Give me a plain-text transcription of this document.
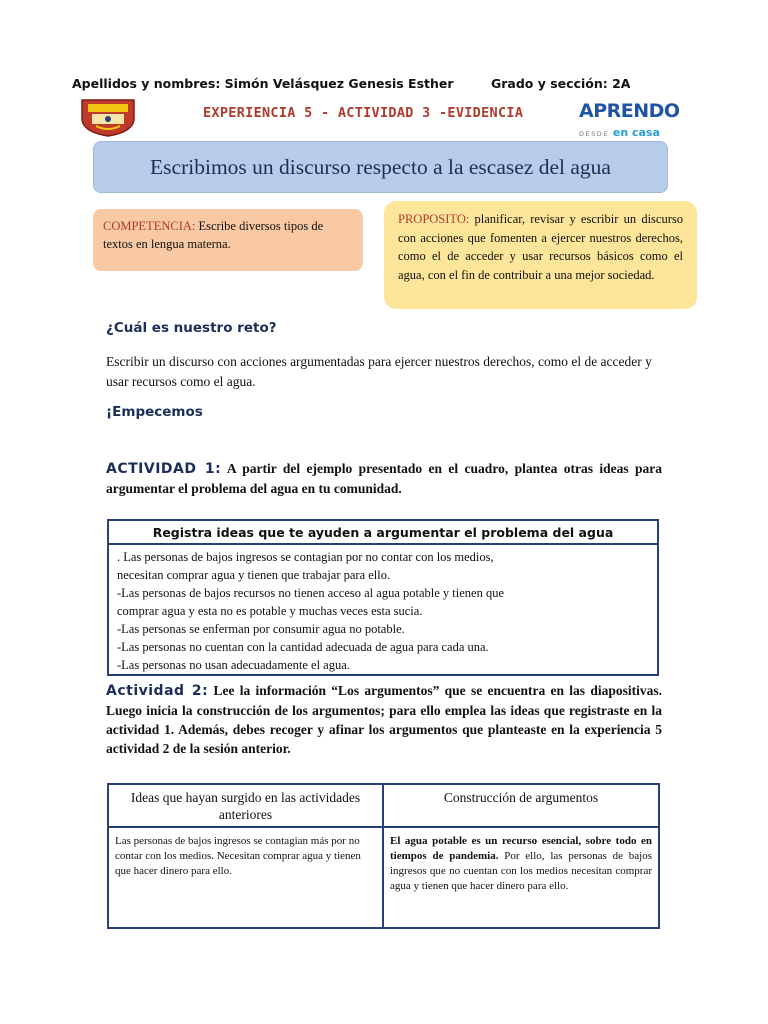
Apellidos y nombres: Simón Velásquez Genesis Esther	Grado y sección: 2A
EXPERIENCIA 5 - ACTIVIDAD 3 -EVIDENCIA	APRENDO
DESDE en casa
Escribimos un discurso respecto a la escasez del agua
COMPETENCIA: Escribe diversos tipos de textos en lengua materna.
PROPOSITO: planificar, revisar y escribir un discurso con acciones que fomenten a ejercer nuestros derechos, como el de acceder y usar recursos básicos como el agua, con el fin de contribuir a una mejor sociedad.
¿Cuál es nuestro reto?
Escribir un discurso con acciones argumentadas para ejercer nuestros derechos, como el de acceder y usar recursos como el agua.
¡Empecemos
ACTIVIDAD 1: A partir del ejemplo presentado en el cuadro, plantea otras ideas para argumentar el problema del agua en tu comunidad.
Registra ideas que te ayuden a argumentar el problema del agua
. Las personas de bajos ingresos se contagian por no contar con los medios,
necesitan comprar agua y tienen que trabajar para ello.
-Las personas de bajos recursos no tienen acceso al agua potable y tienen que
comprar agua y esta no es potable y muchas veces esta sucia.
-Las personas se enferman por consumir agua no potable.
-Las personas no cuentan con la cantidad adecuada de agua para cada una.
-Las personas no usan adecuadamente el agua.
Actividad 2: Lee la información “Los argumentos” que se encuentra en las diapositivas. Luego inicia la construcción de los argumentos; para ello emplea las ideas que registraste en la actividad 1. Además, debes recoger y afinar los argumentos que planteaste en la experiencia 5 actividad 2 de la sesión anterior.
Ideas que hayan surgido en las actividades anteriores
Construcción de argumentos
Las personas de bajos ingresos se contagian más por no contar con los medios. Necesitan comprar agua y tienen que hacer dinero para ello.
El agua potable es un recurso esencial, sobre todo en tiempos de pandemia. Por ello, las personas de bajos ingresos que no cuentan con los medios necesitan comprar agua y tienen que hacer dinero para ello.
